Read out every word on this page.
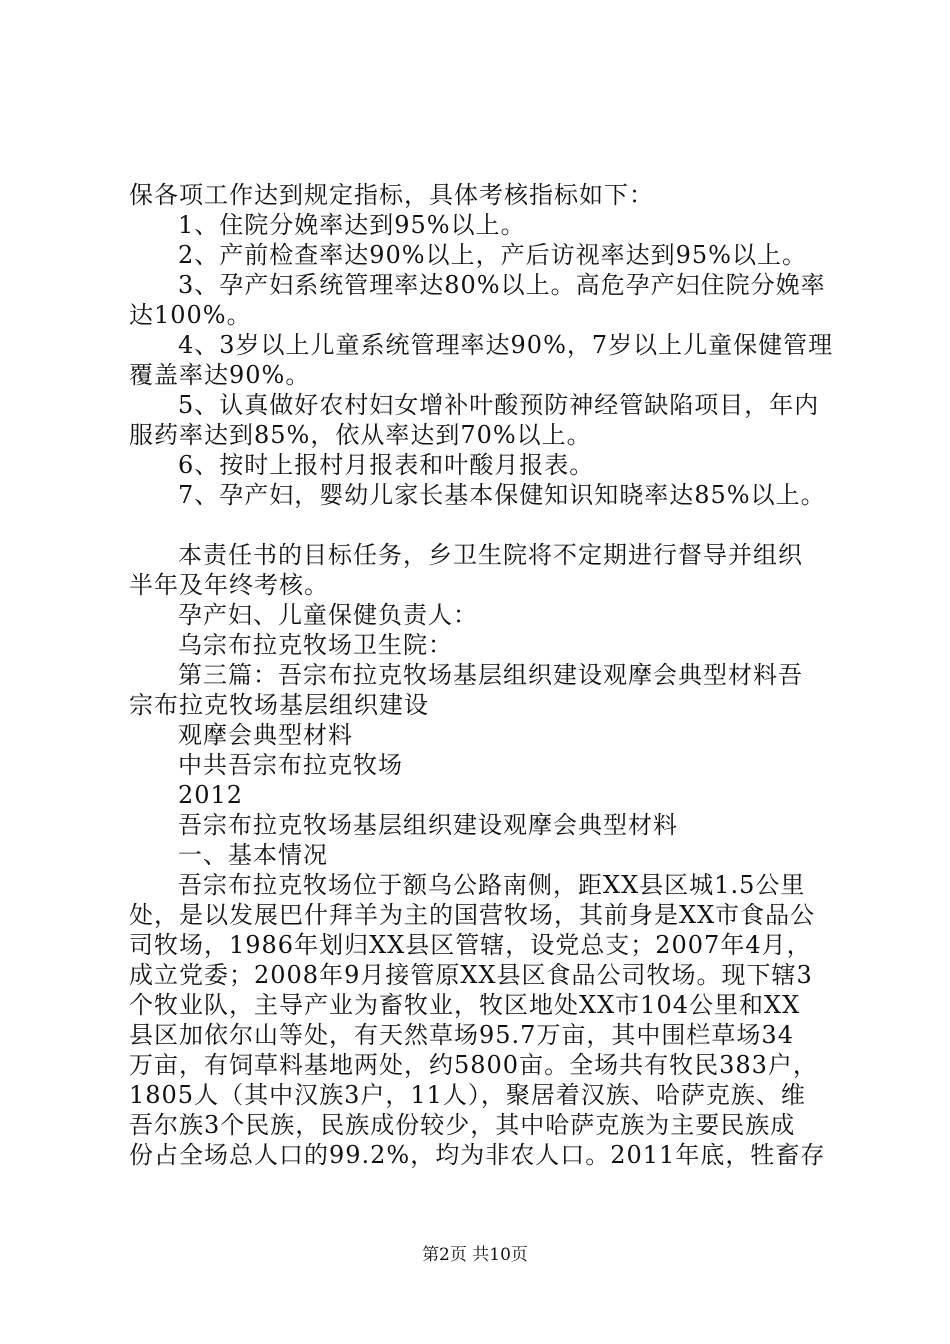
保各项工作达到规定指标，具体考核指标如下：
1、住院分娩率达到95%以上。
2、产前检查率达90%以上，产后访视率达到95%以上。
3、孕产妇系统管理率达80%以上。高危孕产妇住院分娩率
达100%。
4、3岁以上儿童系统管理率达90%，7岁以上儿童保健管理
覆盖率达90%。
5、认真做好农村妇女增补叶酸预防神经管缺陷项目，年内
服药率达到85%，依从率达到70%以上。
6、按时上报村月报表和叶酸月报表。
7、孕产妇，婴幼儿家长基本保健知识知晓率达85%以上。
本责任书的目标任务，乡卫生院将不定期进行督导并组织
半年及年终考核。
孕产妇、儿童保健负责人：
乌宗布拉克牧场卫生院：
第三篇：吾宗布拉克牧场基层组织建设观摩会典型材料吾
宗布拉克牧场基层组织建设
观摩会典型材料
中共吾宗布拉克牧场
2012
吾宗布拉克牧场基层组织建设观摩会典型材料
一、基本情况
吾宗布拉克牧场位于额乌公路南侧，距XX县区城1.5公里
处，是以发展巴什拜羊为主的国营牧场，其前身是XX市食品公
司牧场，1986年划归XX县区管辖，设党总支；2007年4月，
成立党委；2008年9月接管原XX县区食品公司牧场。现下辖3
个牧业队，主导产业为畜牧业，牧区地处XX市104公里和XX
县区加依尔山等处，有天然草场95.7万亩，其中围栏草场34
万亩，有饲草料基地两处，约5800亩。全场共有牧民383户，
1805人（其中汉族3户，11人），聚居着汉族、哈萨克族、维
吾尔族3个民族，民族成份较少，其中哈萨克族为主要民族成
份占全场总人口的99.2%，均为非农人口。2011年底，牲畜存
第2页 共10页
